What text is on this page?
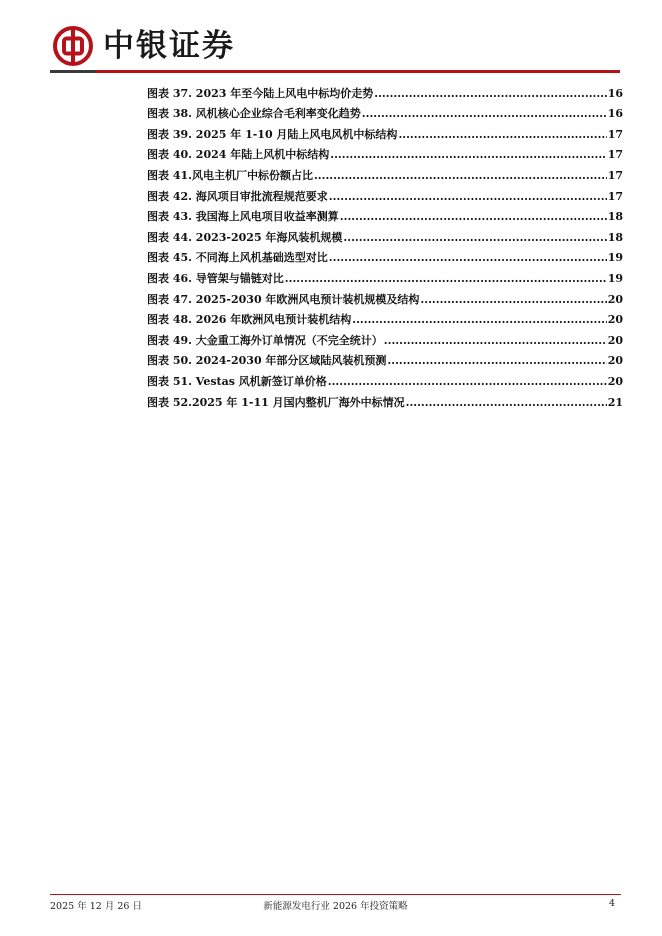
中银证券
图表 37. 2023 年至今陆上风电中标均价走势 .....	16
图表 38. 风机核心企业综合毛利率变化趋势 .....	16
图表 39. 2025 年 1-10 月陆上风电风机中标结构 .....	17
图表 40. 2024 年陆上风机中标结构 .....	17
图表 41.风电主机厂中标份额占比 .....	17
图表 42. 海风项目审批流程规范要求 .....	17
图表 43. 我国海上风电项目收益率测算 .....	18
图表 44. 2023-2025 年海风装机规模 .....	18
图表 45. 不同海上风机基础选型对比 .....	19
图表 46. 导管架与锚链对比 .....	19
图表 47. 2025-2030 年欧洲风电预计装机规模及结构 .....	20
图表 48. 2026 年欧洲风电预计装机结构 .....	20
图表 49. 大金重工海外订单情况（不完全统计） .....	20
图表 50. 2024-2030 年部分区域陆风装机预测 .....	20
图表 51. Vestas 风机新签订单价格 .....	20
图表 52.2025 年 1-11 月国内整机厂海外中标情况 .....	21
2025 年 12 月 26 日	新能源发电行业 2026 年投资策略	4
